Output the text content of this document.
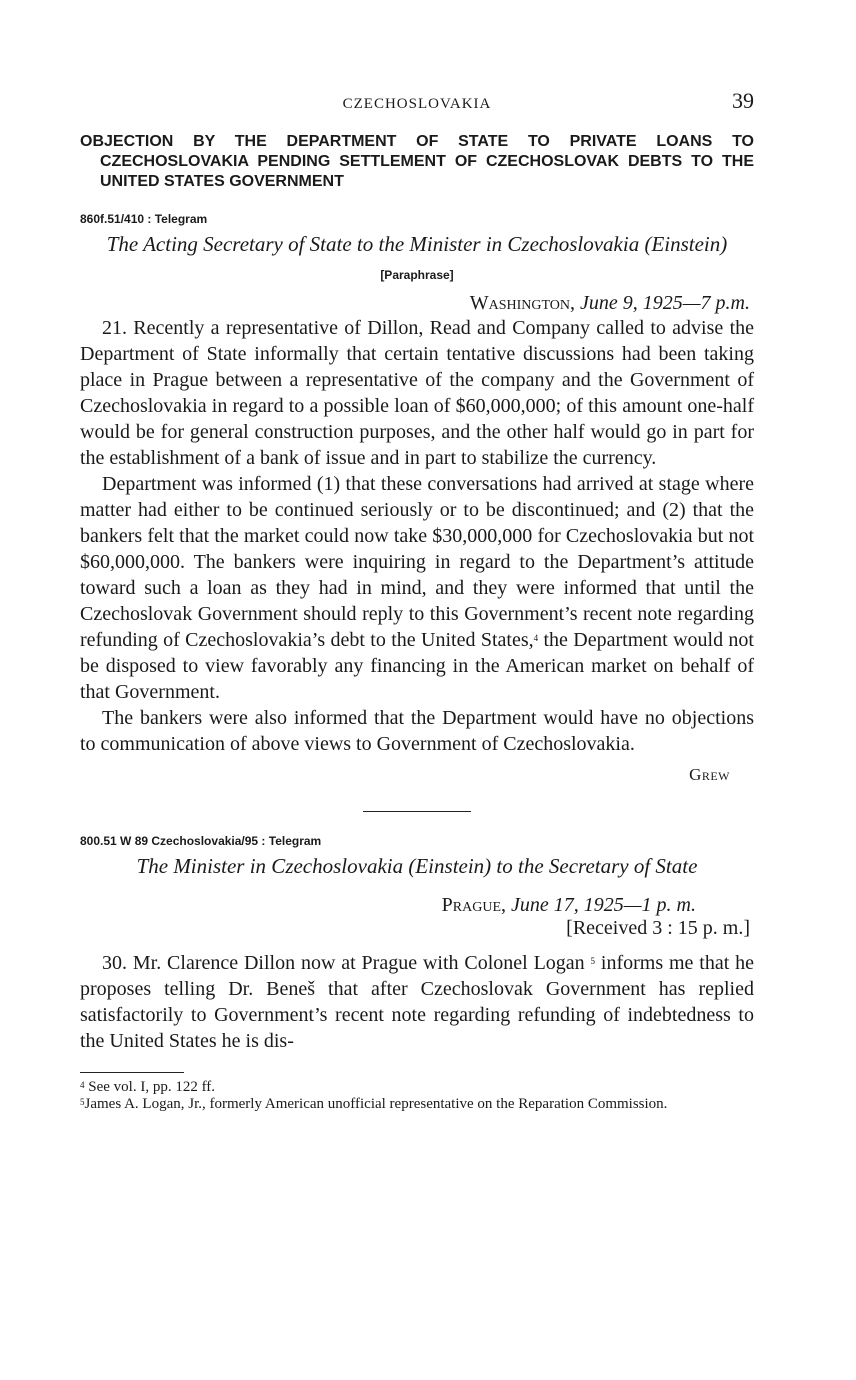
CZECHOSLOVAKIA	39

OBJECTION BY THE DEPARTMENT OF STATE TO PRIVATE LOANS TO CZECHOSLOVAKIA PENDING SETTLEMENT OF CZECHOSLOVAK DEBTS TO THE UNITED STATES GOVERNMENT

860f.51/410 : Telegram

The Acting Secretary of State to the Minister in Czechoslovakia (Einstein)

[Paraphrase]

Washington, June 9, 1925—7 p.m.

21. Recently a representative of Dillon, Read and Company called to advise the Department of State informally that certain tentative discussions had been taking place in Prague between a representative of the company and the Government of Czechoslovakia in regard to a possible loan of $60,000,000; of this amount one-half would be for general construction purposes, and the other half would go in part for the establishment of a bank of issue and in part to stabilize the currency.

Department was informed (1) that these conversations had arrived at stage where matter had either to be continued seriously or to be discontinued; and (2) that the bankers felt that the market could now take $30,000,000 for Czechoslovakia but not $60,000,000. The bankers were inquiring in regard to the Department’s attitude toward such a loan as they had in mind, and they were informed that until the Czechoslovak Government should reply to this Government’s recent note regarding refunding of Czechoslovakia’s debt to the United States,$^4$ the Department would not be disposed to view favorably any financing in the American market on behalf of that Government.

The bankers were also informed that the Department would have no objections to communication of above views to Government of Czechoslovakia.

Grew

800.51 W 89 Czechoslovakia/95 : Telegram

The Minister in Czechoslovakia (Einstein) to the Secretary of State

Prague, June 17, 1925—1 p. m.

[Received 3 : 15 p. m.]

30. Mr. Clarence Dillon now at Prague with Colonel Logan $^5$ informs me that he proposes telling Dr. Beneš that after Czechoslovak Government has replied satisfactorily to Government’s recent note regarding refunding of indebtedness to the United States he is dis-

$^4$ See vol. I, pp. 122 ff.

$^5$James A. Logan, Jr., formerly American unofficial representative on the Reparation Commission.
